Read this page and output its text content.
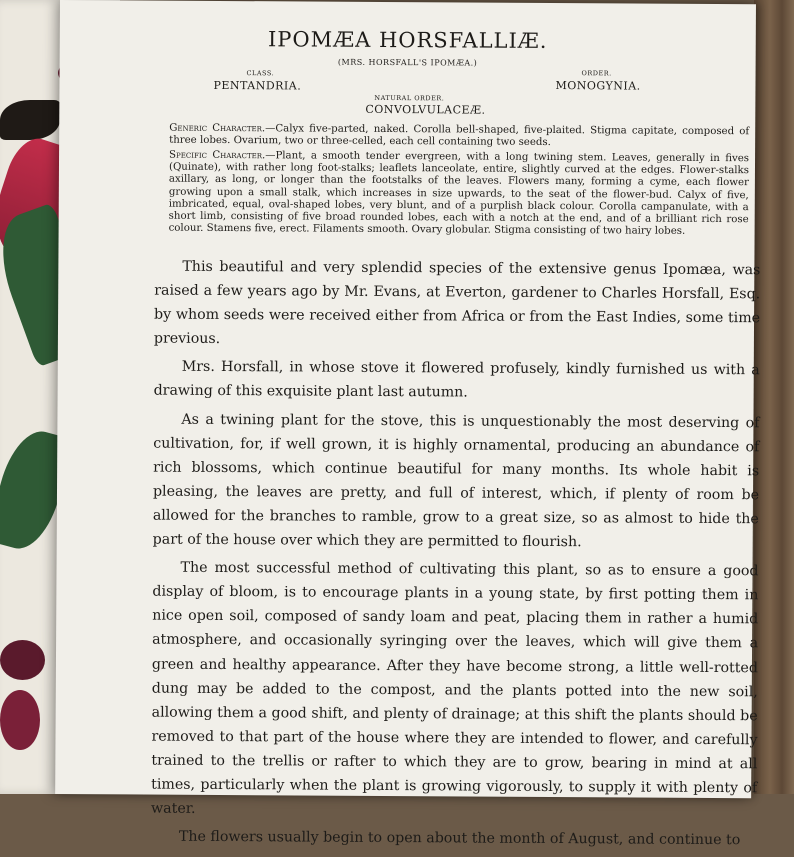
IPOMÆA HORSFALLIÆ.
(MRS. HORSFALL'S IPOMÆA.)
CLASS.
PENTANDRIA.
ORDER.
MONOGYNIA.
NATURAL ORDER.
CONVOLVULACEÆ.
Generic Character.—Calyx five-parted, naked. Corolla bell-shaped, five-plaited. Stigma capitate, composed of three lobes. Ovarium, two or three-celled, each cell containing two seeds.
Specific Character.—Plant, a smooth tender evergreen, with a long twining stem. Leaves, generally in fives (Quinate), with rather long foot-stalks; leaflets lanceolate, entire, slightly curved at the edges. Flower-stalks axillary, as long, or longer than the footstalks of the leaves. Flowers many, forming a cyme, each flower growing upon a small stalk, which increases in size upwards, to the seat of the flower-bud. Calyx of five, imbricated, equal, oval-shaped lobes, very blunt, and of a purplish black colour. Corolla campanulate, with a short limb, consisting of five broad rounded lobes, each with a notch at the end, and of a brilliant rich rose colour. Stamens five, erect. Filaments smooth. Ovary globular. Stigma consisting of two hairy lobes.

This beautiful and very splendid species of the extensive genus Ipomæa, was raised a few years ago by Mr. Evans, at Everton, gardener to Charles Horsfall, Esq. by whom seeds were received either from Africa or from the East Indies, some time previous.

Mrs. Horsfall, in whose stove it flowered profusely, kindly furnished us with a drawing of this exquisite plant last autumn.

As a twining plant for the stove, this is unquestionably the most deserving of cultivation, for, if well grown, it is highly ornamental, producing an abundance of rich blossoms, which continue beautiful for many months. Its whole habit is pleasing, the leaves are pretty, and full of interest, which, if plenty of room be allowed for the branches to ramble, grow to a great size, so as almost to hide the part of the house over which they are permitted to flourish.

The most successful method of cultivating this plant, so as to ensure a good display of bloom, is to encourage plants in a young state, by first potting them in nice open soil, composed of sandy loam and peat, placing them in rather a humid atmosphere, and occasionally syringing over the leaves, which will give them a green and healthy appearance. After they have become strong, a little well-rotted dung may be added to the compost, and the plants potted into the new soil, allowing them a good shift, and plenty of drainage; at this shift the plants should be removed to that part of the house where they are intended to flower, and carefully trained to the trellis or rafter to which they are to grow, bearing in mind at all times, particularly when the plant is growing vigorously, to supply it with plenty of water.

The flowers usually begin to open about the month of August, and continue to
